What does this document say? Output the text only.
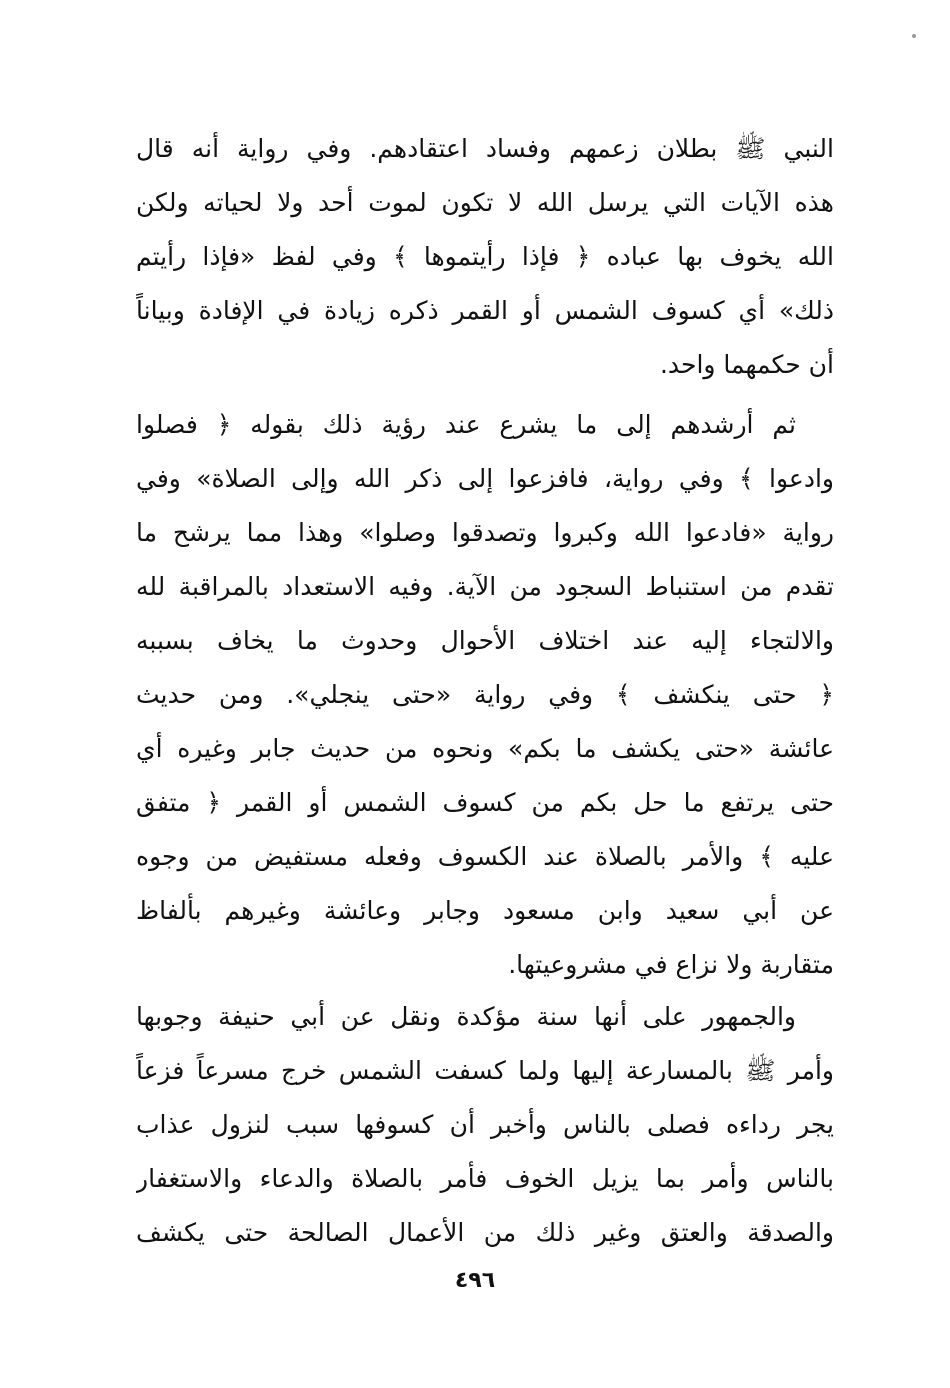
النبي ﷺ بطلان زعمهم وفساد اعتقادهم. وفي رواية أنه قال
هذه الآيات التي يرسل الله لا تكون لموت أحد ولا لحياته ولكن
الله يخوف بها عباده ﴿ فإذا رأيتموها ﴾ وفي لفظ «فإذا رأيتم
ذلك» أي كسوف الشمس أو القمر ذكره زيادة في الإفادة وبياناً
أن حكمهما واحد.
ثم أرشدهم إلى ما يشرع عند رؤية ذلك بقوله ﴿ فصلوا
وادعوا ﴾ وفي رواية، فافزعوا إلى ذكر الله وإلى الصلاة» وفي
رواية «فادعوا الله وكبروا وتصدقوا وصلوا» وهذا مما يرشح ما
تقدم من استنباط السجود من الآية. وفيه الاستعداد بالمراقبة لله
والالتجاء إليه عند اختلاف الأحوال وحدوث ما يخاف بسببه
﴿ حتى ينكشف ﴾ وفي رواية «حتى ينجلي». ومن حديث
عائشة «حتى يكشف ما بكم» ونحوه من حديث جابر وغيره أي
حتى يرتفع ما حل بكم من كسوف الشمس أو القمر ﴿ متفق
عليه ﴾ والأمر بالصلاة عند الكسوف وفعله مستفيض من وجوه
عن أبي سعيد وابن مسعود وجابر وعائشة وغيرهم بألفاظ
متقاربة ولا نزاع في مشروعيتها.
والجمهور على أنها سنة مؤكدة ونقل عن أبي حنيفة وجوبها
وأمر ﷺ بالمسارعة إليها ولما كسفت الشمس خرج مسرعاً فزعاً
يجر رداءه فصلى بالناس وأخبر أن كسوفها سبب لنزول عذاب
بالناس وأمر بما يزيل الخوف فأمر بالصلاة والدعاء والاستغفار
والصدقة والعتق وغير ذلك من الأعمال الصالحة حتى يكشف
٤٩٦
